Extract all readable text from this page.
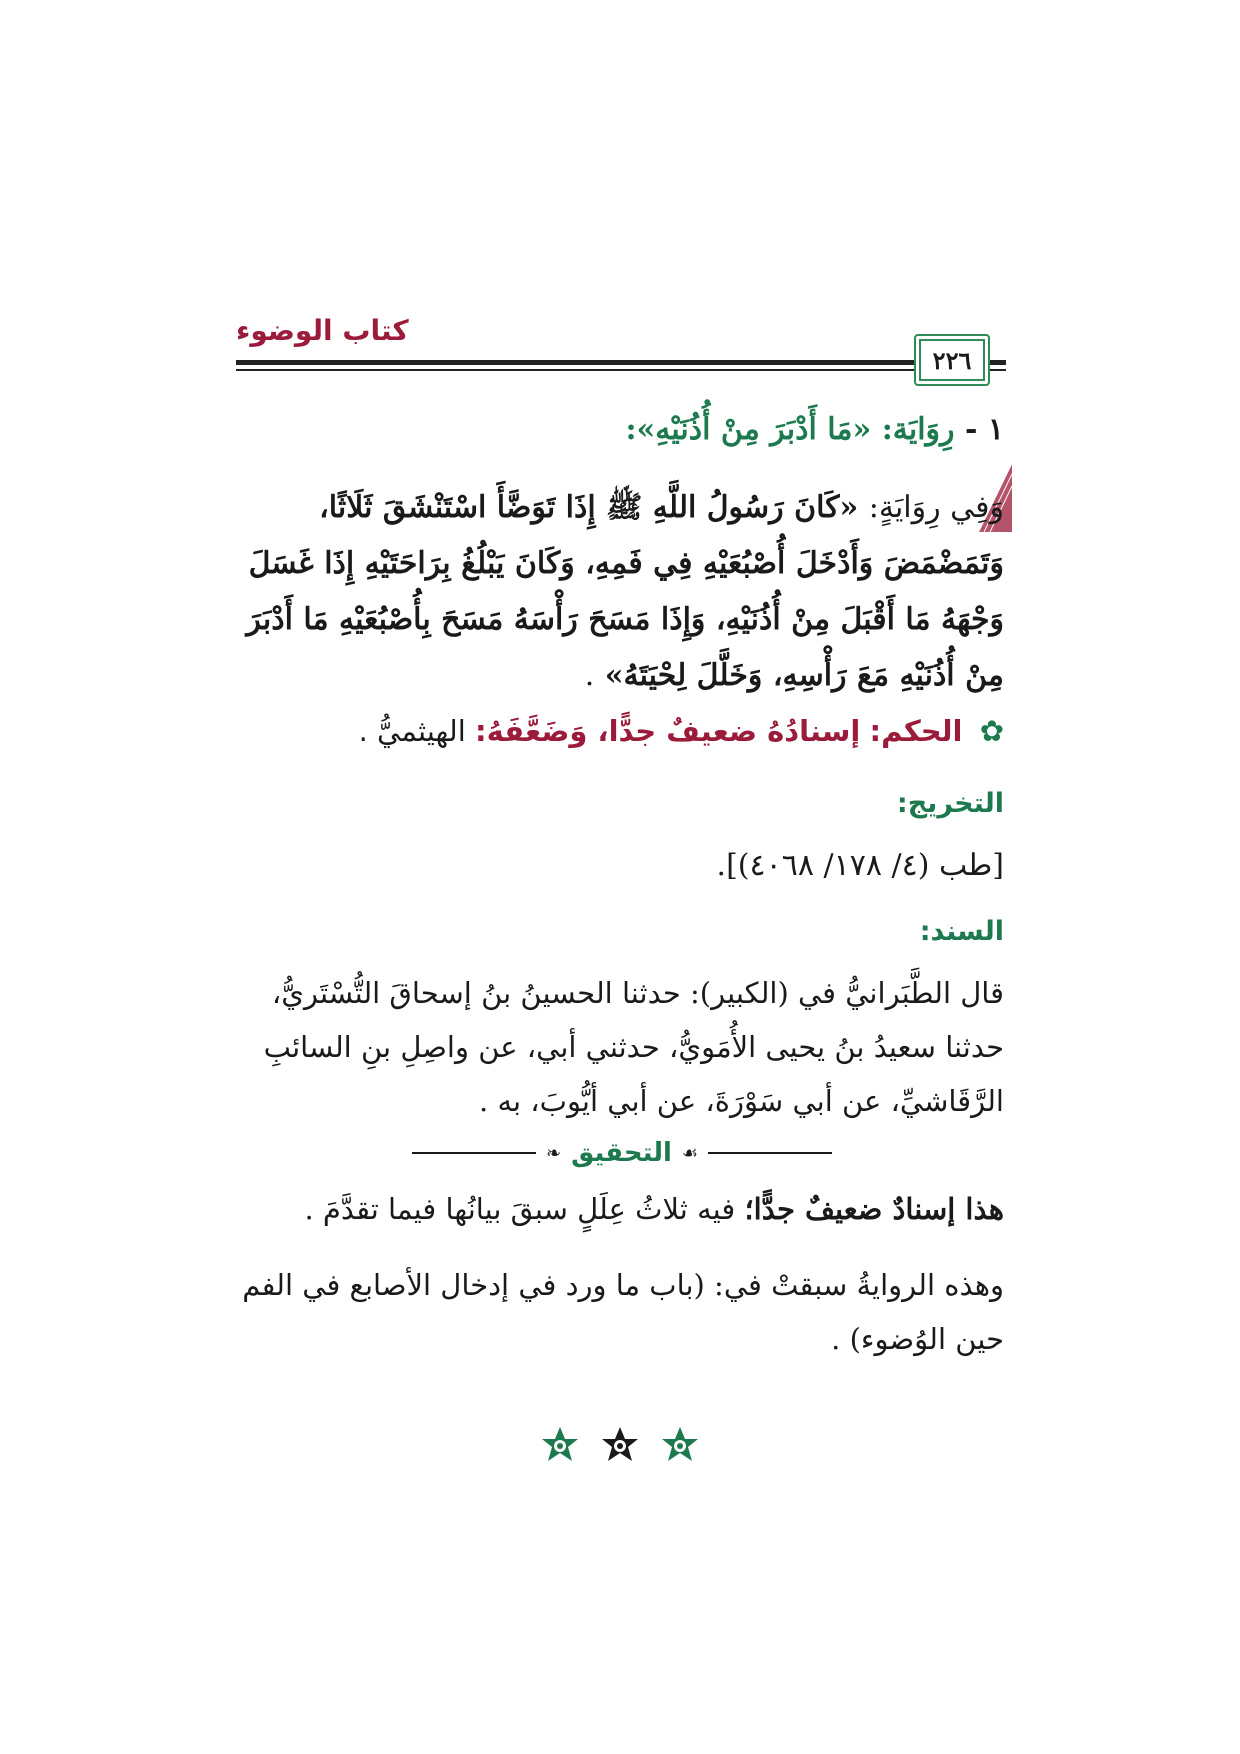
كتاب الوضوء
٢٢٦
١ - رِوَايَة: «مَا أَدْبَرَ مِنْ أُذُنَيْهِ»:
وَفِي رِوَايَةٍ: «كَانَ رَسُولُ اللَّهِ ﷺ إِذَا تَوَضَّأَ اسْتَنْشَقَ ثَلَاثًا، وَتَمَضْمَضَ وَأَدْخَلَ أُصْبُعَيْهِ فِي فَمِهِ، وَكَانَ يَبْلُغُ بِرَاحَتَيْهِ إِذَا غَسَلَ وَجْهَهُ مَا أَقْبَلَ مِنْ أُذُنَيْهِ، وَإِذَا مَسَحَ رَأْسَهُ مَسَحَ بِأُصْبُعَيْهِ مَا أَدْبَرَ مِنْ أُذُنَيْهِ مَعَ رَأْسِهِ، وَخَلَّلَ لِحْيَتَهُ» .
✿ الحكم: إسنادُهُ ضعيفٌ جدًّا، وَضَعَّفَهُ: الهيثميُّ .
التخريج:
[طب (٤/ ١٧٨/ ٤٠٦٨)].
السند:
قال الطَّبَرانيُّ في (الكبير): حدثنا الحسينُ بنُ إسحاقَ التُّسْتَريُّ، حدثنا سعيدُ بنُ يحيى الأُمَويُّ، حدثني أبي، عن واصِلِ بنِ السائبِ الرَّقَاشيِّ، عن أبي سَوْرَةَ، عن أبي أيُّوبَ، به .
❧ التحقيق ☙
هذا إسنادٌ ضعيفٌ جدًّا؛ فيه ثلاثُ عِلَلٍ سبقَ بيانُها فيما تقدَّمَ .
وهذه الروايةُ سبقتْ في: (باب ما ورد في إدخال الأصابع في الفم حين الوُضوء) .
